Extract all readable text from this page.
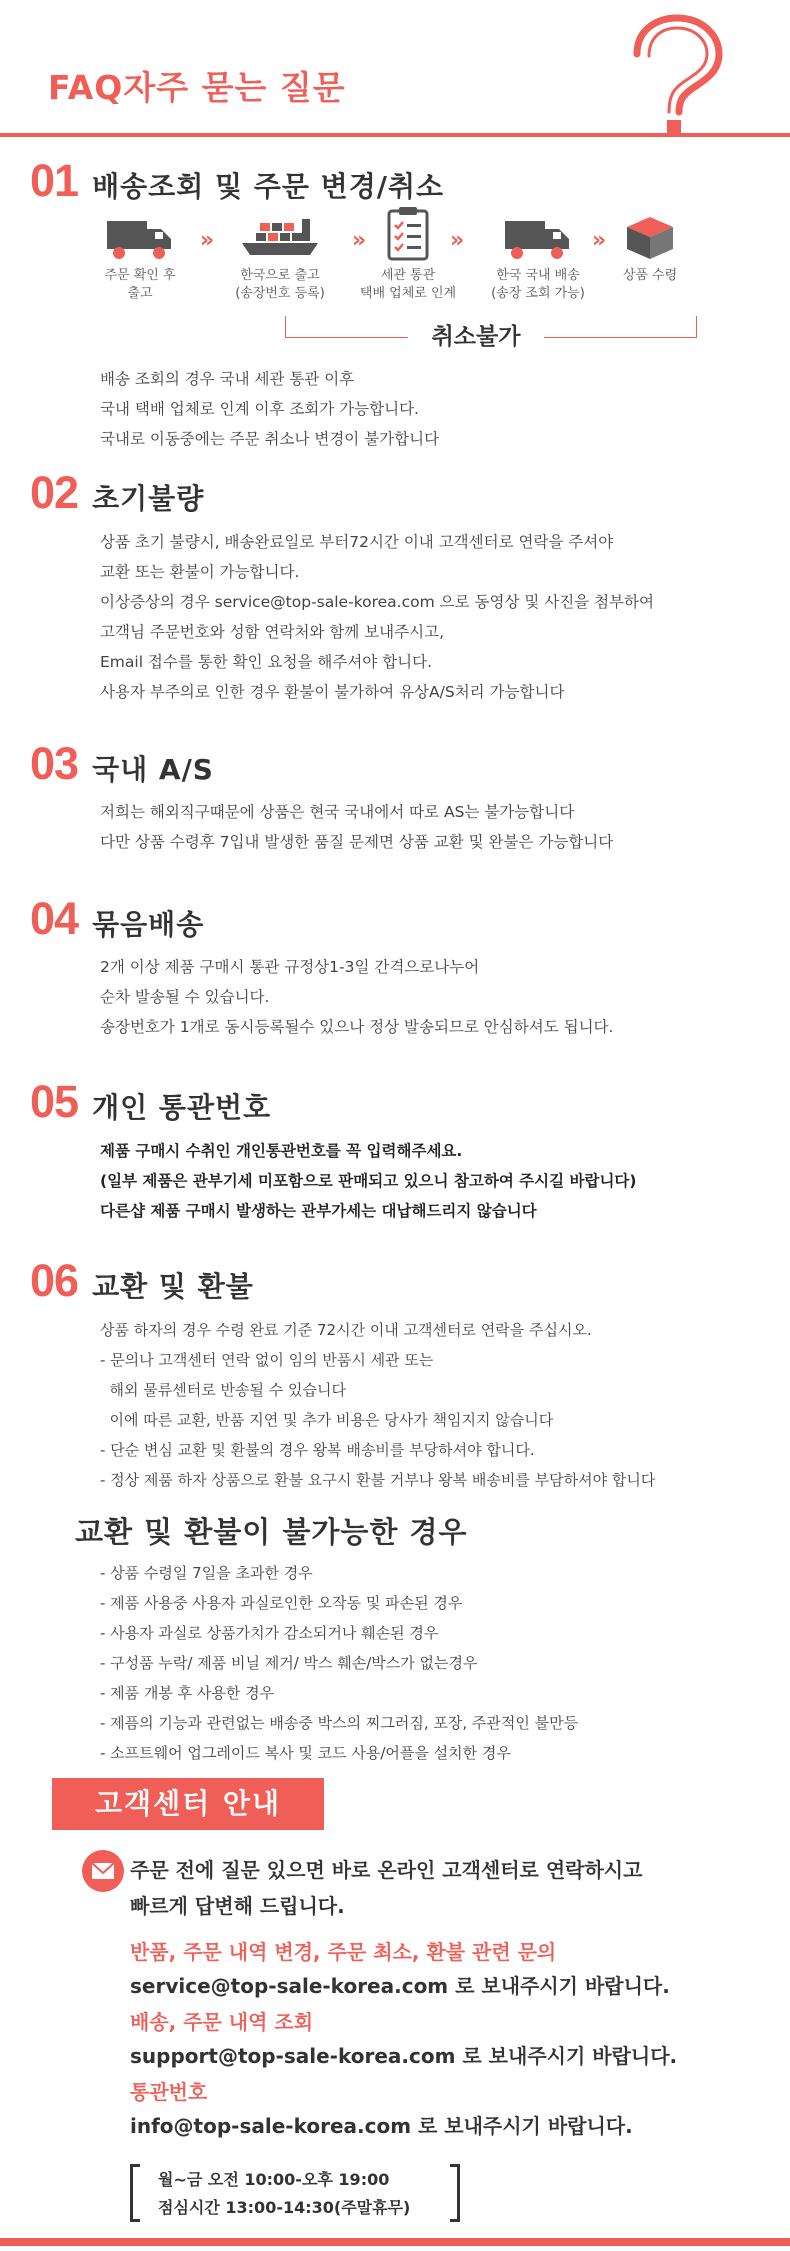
FAQ자주 묻는 질문
01 배송조회 및 주문 변경/취소
주문 확인 후
출고
»
한국으로 출고
(송장번호 등록)
»
세관 통관
택배 업체로 인계
»
한국 국내 배송
(송장 조회 가능)
»
상품 수령
취소불가
배송 조회의 경우 국내 세관 통관 이후
국내 택배 업체로 인계 이후 조회가 가능합니다.
국내로 이동중에는 주문 취소나 변경이 불가합니다
02 초기불량
상품 초기 불량시, 배송완료일로 부터72시간 이내 고객센터로 연락을 주셔야
교환 또는 환불이 가능합니다.
이상증상의 경우 service@top-sale-korea.com 으로 동영상 및 사진을 첨부하여
고객님 주문번호와 성함 연락처와 함께 보내주시고,
Email 접수를 통한 확인 요청을 해주셔야 합니다.
사용자 부주의로 인한 경우 환불이 불가하여 유상A/S처리 가능합니다
03 국내 A/S
저희는 해외직구때문에 상품은 현국 국내에서 따로 AS는 불가능합니다
다만 상품 수령후 7입내 발생한 품질 문제면 상품 교환 및 완불은 가능합니다
04 묶음배송
2개 이상 제품 구매시 통관 규정상1-3일 간격으로나누어
순차 발송될 수 있습니다.
송장번호가 1개로 동시등록될수 있으나 정상 발송되므로 안심하셔도 됩니다.
05 개인 통관번호
제품 구매시 수취인 개인통관번호를 꼭 입력해주세요.
(일부 제품은 관부기세 미포함으로 판매되고 있으니 참고하여 주시길 바랍니다)
다른샵 제품 구매시 발생하는 관부가세는 대납해드리지 않습니다
06 교환 및 환불
상품 하자의 경우 수령 완료 기준 72시간 이내 고객센터로 연락을 주십시오.
- 문의나 고객센터 연락 없이 임의 반품시 세관 또는
해외 물류센터로 반송될 수 있습니다
이에 따른 교환, 반품 지연 및 추가 비용은 당사가 책임지지 않습니다
- 단순 변심 교환 및 환불의 경우 왕복 배송비를 부당하셔야 합니다.
- 정상 제품 하자 상품으로 환불 요구시 환불 거부나 왕복 배송비를 부담하셔야 합니다
교환 및 환불이 불가능한 경우
- 상품 수령일 7일을 초과한 경우
- 제품 사용중 사용자 과실로인한 오작동 및 파손된 경우
- 사용자 과실로 상품가치가 감소되거나 훼손된 경우
- 구성품 누락/ 제품 비닐 제거/ 박스 훼손/박스가 없는경우
- 제품 개봉 후 사용한 경우
- 제픔의 기능과 관련없는 배송중 박스의 찌그러짐, 포장, 주관적인 불만등
- 소프트웨어 업그레이드 복사 및 코드 사용/어플을 설치한 경우
고객센터 안내
주문 전에 질문 있으면 바로 온라인 고객센터로 연락하시고
빠르게 답변해 드립니다.
반품, 주문 내역 변경, 주문 최소, 환불 관련 문의
service@top-sale-korea.com 로 보내주시기 바랍니다.
배송, 주문 내역 조회
support@top-sale-korea.com 로 보내주시기 바랍니다.
통관번호
info@top-sale-korea.com 로 보내주시기 바랍니다.
월~금 오전 10:00-오후 19:00
점심시간 13:00-14:30(주말휴무)
